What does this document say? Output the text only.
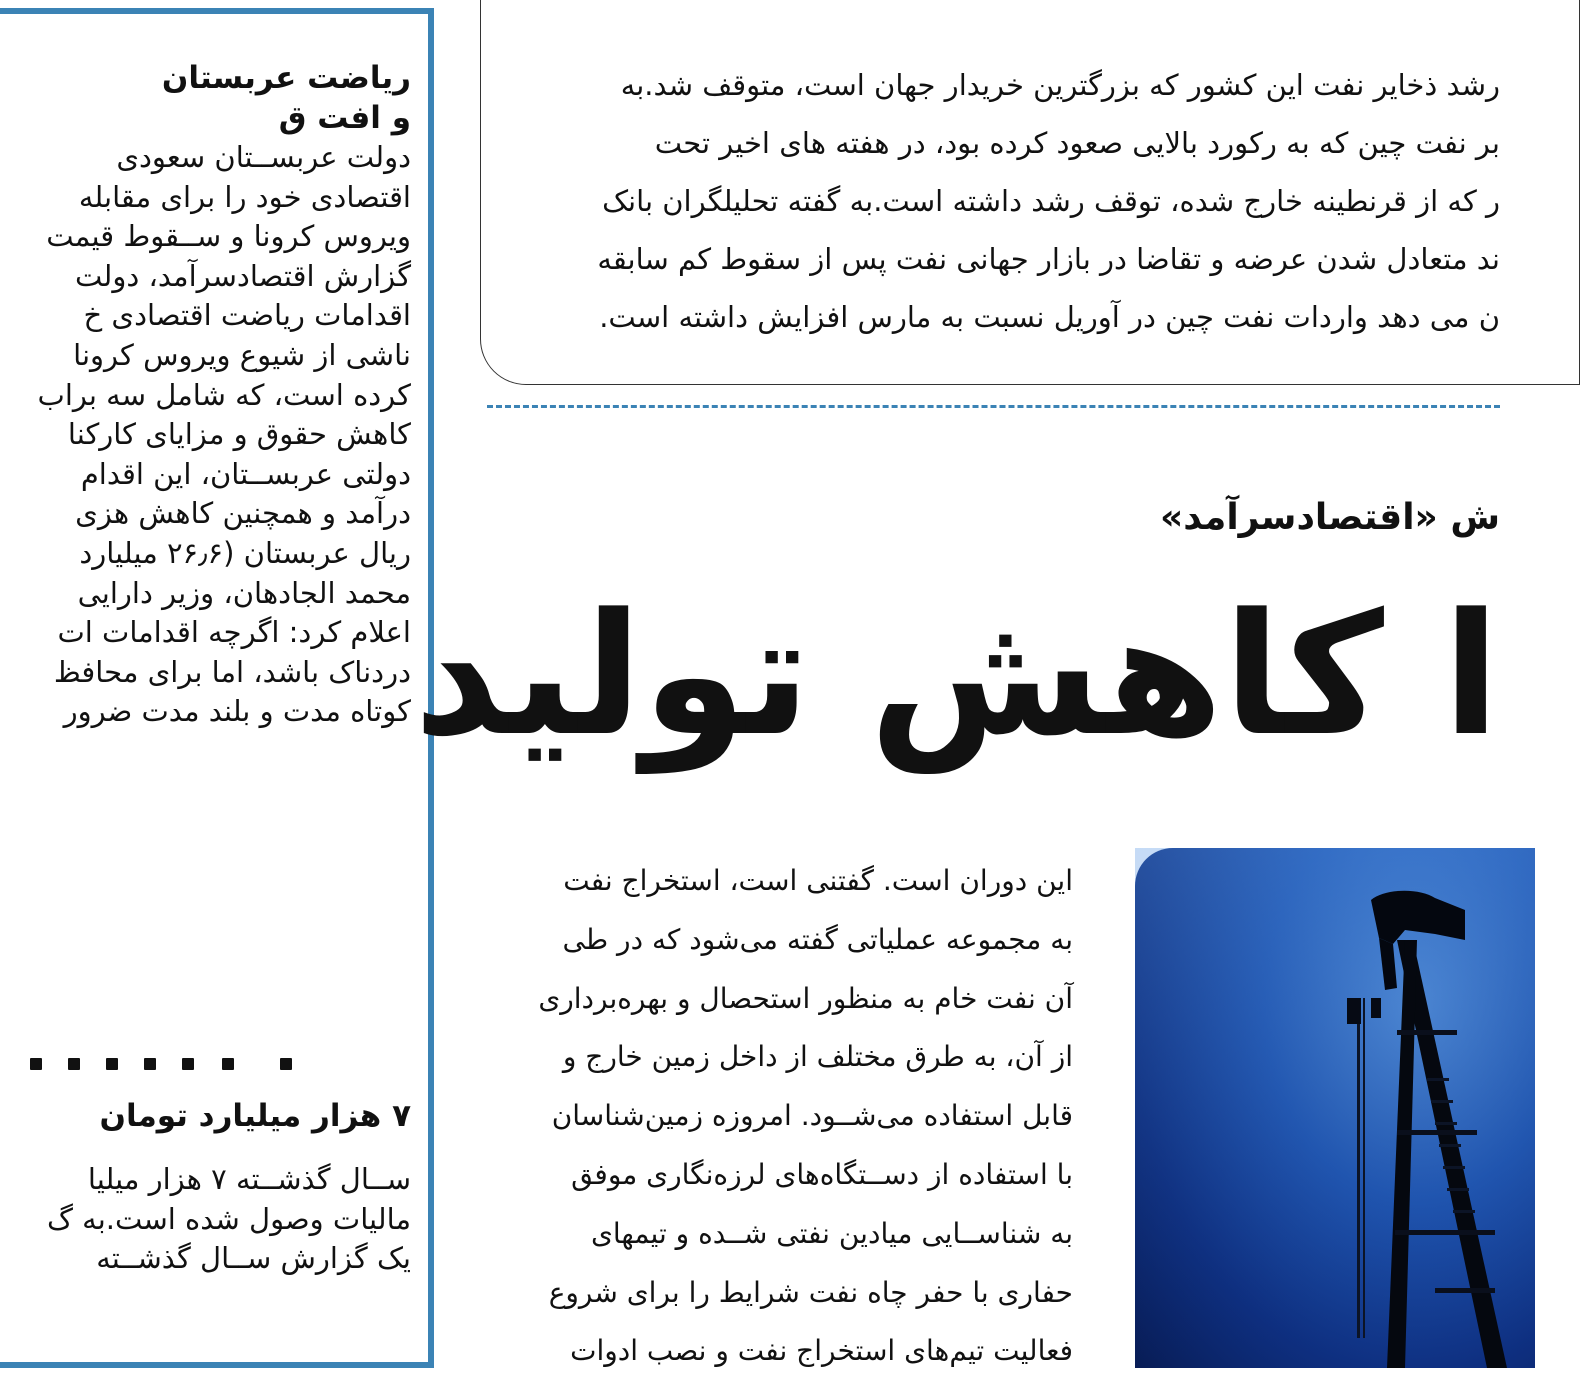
ریاضت عربستان

و افت ق

دولت عربســتان سعودی

اقتصادی خود را برای مقابله

ویروس کرونا و ســقوط قیمت

گزارش اقتصادسرآمد، دولت

اقدامات ریاضت اقتصادی خ

ناشی از شیوع ویروس کرونا

کرده است، که شامل سه براب

کاهش حقوق و مزایای کارکنا

دولتی عربســتان، این اقدام

درآمد و همچنین کاهش هزی

ریال عربستان (۲۶٫۶ میلیارد

محمد الجادهان، وزیر دارایی

اعلام کرد: اگرچه اقدامات ات

دردناک باشد، اما برای محافظ

کوتاه مدت و بلند مدت ضرور

۷ هزار میلیارد تومان

ســال گذشــته ۷ هزار میلیا

مالیات وصول شده است.به گ

یک گزارش ســال گذشــته

رشد ذخایر نفت این کشور که بزرگترین خریدار جهان است، متوقف شد.به

بر نفت چین که به رکورد بالایی صعود کرده بود، در هفته های اخیر تحت

ر که از قرنطینه خارج شده، توقف رشد داشته است.به گفته تحلیلگران بانک

ند متعادل شدن عرضه و تقاضا در بازار جهانی نفت پس از سقوط کم سابقه

ن می دهد واردات نفت چین در آوریل نسبت به مارس افزایش داشته است.

ش «اقتصادسرآمد»
ا کاهش تولید

این دوران است. گفتنی است، استخراج نفت

به مجموعه عملیاتی گفته می‌شود که در طی

آن نفت خام به منظور استحصال و بهره‌برداری

از آن، به طرق مختلف از داخل زمین خارج و

قابل استفاده می‌شــود. امروزه زمین‌شناسان

با استفاده از دســتگاه‌های لرزه‌نگاری موفق

به شناســایی میادین نفتی شــده و تیمهای

حفاری با حفر چاه نفت شرایط را برای شروع

فعالیت تیم‌های استخراج نفت و نصب ادوات
